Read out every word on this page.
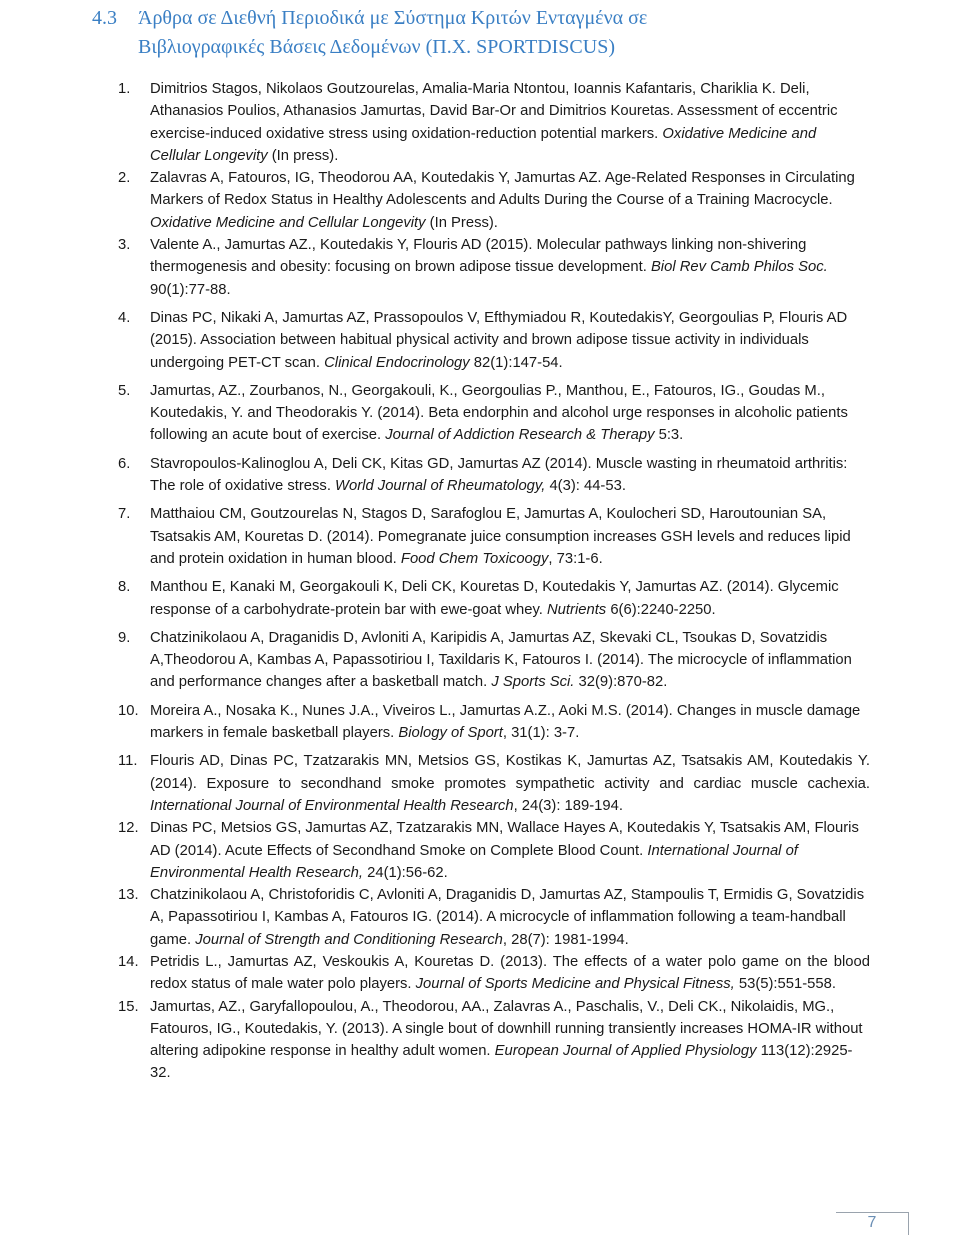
4.3 Άρθρα σε Διεθνή Περιοδικά με Σύστημα Κριτών Ενταγμένα σε
Βιβλιογραφικές Βάσεις Δεδομένων (Π.Χ. SPORTDISCUS)
1. Dimitrios Stagos, Nikolaos Goutzourelas, Amalia-Maria Ntontou, Ioannis Kafantaris, Chariklia K. Deli, Athanasios Poulios, Athanasios Jamurtas, David Bar-Or and Dimitrios Kouretas. Assessment of eccentric exercise-induced oxidative stress using oxidation-reduction potential markers. Oxidative Medicine and Cellular Longevity (In press).
2. Zalavras A, Fatouros, IG, Theodorou AA, Koutedakis Y, Jamurtas AZ. Age-Related Responses in Circulating Markers of Redox Status in Healthy Adolescents and Adults During the Course of a Training Macrocycle. Oxidative Medicine and Cellular Longevity (In Press).
3. Valente A., Jamurtas AZ., Koutedakis Y, Flouris AD (2015). Molecular pathways linking non-shivering thermogenesis and obesity: focusing on brown adipose tissue development. Biol Rev Camb Philos Soc. 90(1):77-88.
4. Dinas PC, Nikaki A, Jamurtas AZ, Prassopoulos V, Efthymiadou R, KoutedakisY, Georgoulias P, Flouris AD (2015). Association between habitual physical activity and brown adipose tissue activity in individuals undergoing PET-CT scan. Clinical Endocrinology 82(1):147-54.
5. Jamurtas, AZ., Zourbanos, N., Georgakouli, K., Georgoulias P., Manthou, E., Fatouros, IG., Goudas M., Koutedakis, Y. and Theodorakis Y. (2014). Beta endorphin and alcohol urge responses in alcoholic patients following an acute bout of exercise. Journal of Addiction Research & Therapy 5:3.
6. Stavropoulos-Kalinoglou A, Deli CK, Kitas GD, Jamurtas AZ (2014). Muscle wasting in rheumatoid arthritis: The role of oxidative stress. World Journal of Rheumatology, 4(3): 44-53.
7. Matthaiou CM, Goutzourelas N, Stagos D, Sarafoglou E, Jamurtas A, Koulocheri SD, Haroutounian SA, Tsatsakis AM, Kouretas D. (2014). Pomegranate juice consumption increases GSH levels and reduces lipid and protein oxidation in human blood. Food Chem Toxicoogy, 73:1-6.
8. Manthou E, Kanaki M, Georgakouli K, Deli CK, Kouretas D, Koutedakis Y, Jamurtas AZ. (2014). Glycemic response of a carbohydrate-protein bar with ewe-goat whey. Nutrients 6(6):2240-2250.
9. Chatzinikolaou A, Draganidis D, Avloniti A, Karipidis A, Jamurtas AZ, Skevaki CL, Tsoukas D, Sovatzidis A,Theodorou A, Kambas A, Papassotiriou I, Taxildaris K, Fatouros I. (2014). The microcycle of inflammation and performance changes after a basketball match. J Sports Sci. 32(9):870-82.
10. Moreira A., Nosaka K., Nunes J.A., Viveiros L., Jamurtas A.Z., Aoki M.S. (2014). Changes in muscle damage markers in female basketball players. Biology of Sport, 31(1): 3-7.
11. Flouris AD, Dinas PC, Tzatzarakis MN, Metsios GS, Kostikas K, Jamurtas AZ, Tsatsakis AM, Koutedakis Y. (2014). Exposure to secondhand smoke promotes sympathetic activity and cardiac muscle cachexia. International Journal of Environmental Health Research, 24(3): 189-194.
12. Dinas PC, Metsios GS, Jamurtas AZ, Tzatzarakis MN, Wallace Hayes A, Koutedakis Y, Tsatsakis AM, Flouris AD (2014). Acute Effects of Secondhand Smoke on Complete Blood Count. International Journal of Environmental Health Research, 24(1):56-62.
13. Chatzinikolaou A, Christoforidis C, Avloniti A, Draganidis D, Jamurtas AZ, Stampoulis T, Ermidis G, Sovatzidis A, Papassotiriou I, Kambas A, Fatouros IG. (2014). A microcycle of inflammation following a team-handball game. Journal of Strength and Conditioning Research, 28(7): 1981-1994.
14. Petridis L., Jamurtas AZ, Veskoukis A, Kouretas D. (2013). The effects of a water polo game on the blood redox status of male water polo players. Journal of Sports Medicine and Physical Fitness, 53(5):551-558.
15. Jamurtas, AZ., Garyfallopoulou, A., Theodorou, AA., Zalavras A., Paschalis, V., Deli CK., Nikolaidis, MG., Fatouros, IG., Koutedakis, Y. (2013). A single bout of downhill running transiently increases HOMA-IR without altering adipokine response in healthy adult women. European Journal of Applied Physiology 113(12):2925-32.
7
